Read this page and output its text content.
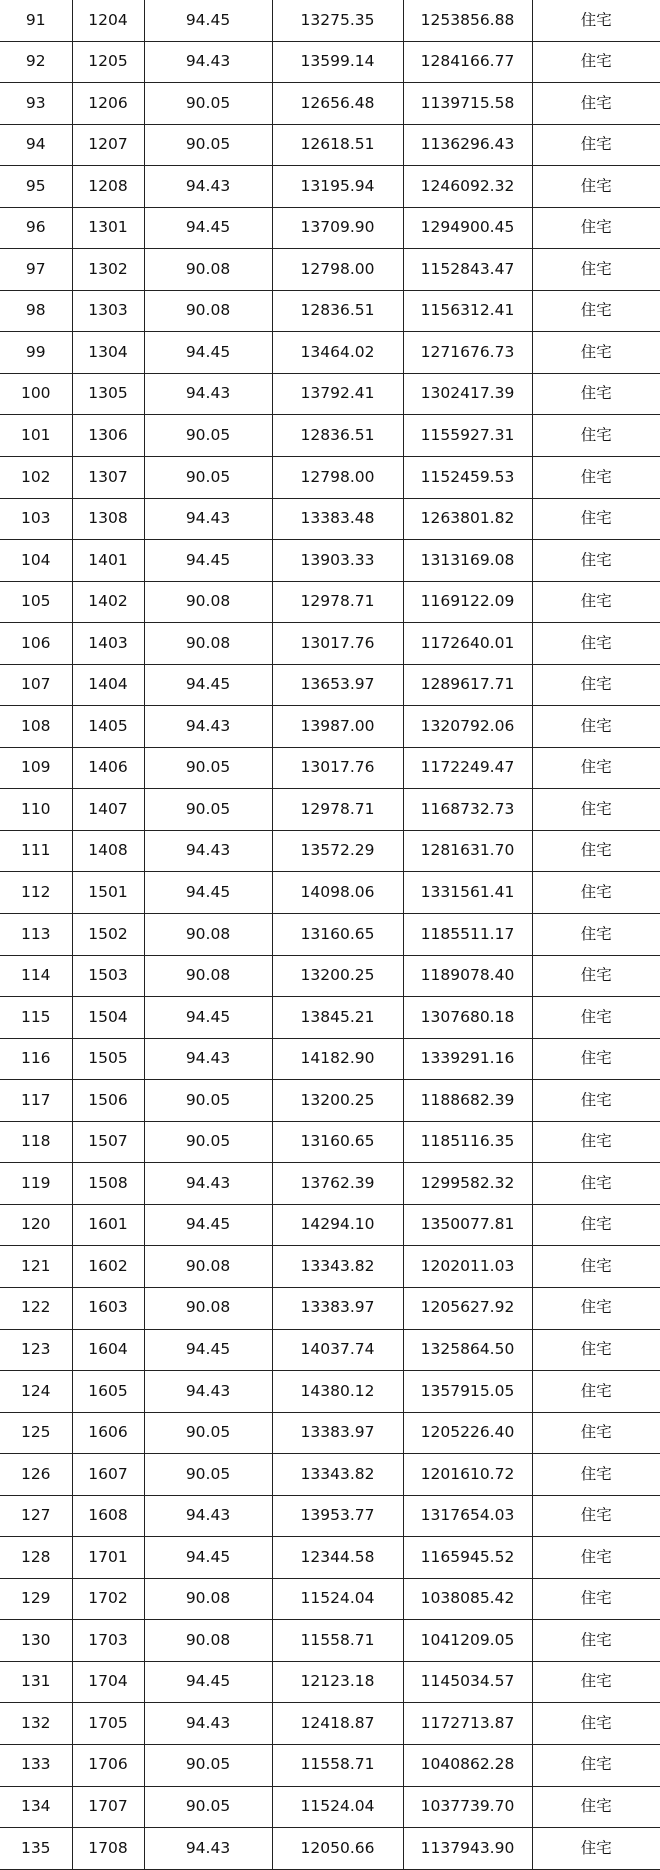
91	1204	94.45	13275.35	1253856.88	住宅
92	1205	94.43	13599.14	1284166.77	住宅
93	1206	90.05	12656.48	1139715.58	住宅
94	1207	90.05	12618.51	1136296.43	住宅
95	1208	94.43	13195.94	1246092.32	住宅
96	1301	94.45	13709.90	1294900.45	住宅
97	1302	90.08	12798.00	1152843.47	住宅
98	1303	90.08	12836.51	1156312.41	住宅
99	1304	94.45	13464.02	1271676.73	住宅
100	1305	94.43	13792.41	1302417.39	住宅
101	1306	90.05	12836.51	1155927.31	住宅
102	1307	90.05	12798.00	1152459.53	住宅
103	1308	94.43	13383.48	1263801.82	住宅
104	1401	94.45	13903.33	1313169.08	住宅
105	1402	90.08	12978.71	1169122.09	住宅
106	1403	90.08	13017.76	1172640.01	住宅
107	1404	94.45	13653.97	1289617.71	住宅
108	1405	94.43	13987.00	1320792.06	住宅
109	1406	90.05	13017.76	1172249.47	住宅
110	1407	90.05	12978.71	1168732.73	住宅
111	1408	94.43	13572.29	1281631.70	住宅
112	1501	94.45	14098.06	1331561.41	住宅
113	1502	90.08	13160.65	1185511.17	住宅
114	1503	90.08	13200.25	1189078.40	住宅
115	1504	94.45	13845.21	1307680.18	住宅
116	1505	94.43	14182.90	1339291.16	住宅
117	1506	90.05	13200.25	1188682.39	住宅
118	1507	90.05	13160.65	1185116.35	住宅
119	1508	94.43	13762.39	1299582.32	住宅
120	1601	94.45	14294.10	1350077.81	住宅
121	1602	90.08	13343.82	1202011.03	住宅
122	1603	90.08	13383.97	1205627.92	住宅
123	1604	94.45	14037.74	1325864.50	住宅
124	1605	94.43	14380.12	1357915.05	住宅
125	1606	90.05	13383.97	1205226.40	住宅
126	1607	90.05	13343.82	1201610.72	住宅
127	1608	94.43	13953.77	1317654.03	住宅
128	1701	94.45	12344.58	1165945.52	住宅
129	1702	90.08	11524.04	1038085.42	住宅
130	1703	90.08	11558.71	1041209.05	住宅
131	1704	94.45	12123.18	1145034.57	住宅
132	1705	94.43	12418.87	1172713.87	住宅
133	1706	90.05	11558.71	1040862.28	住宅
134	1707	90.05	11524.04	1037739.70	住宅
135	1708	94.43	12050.66	1137943.90	住宅
